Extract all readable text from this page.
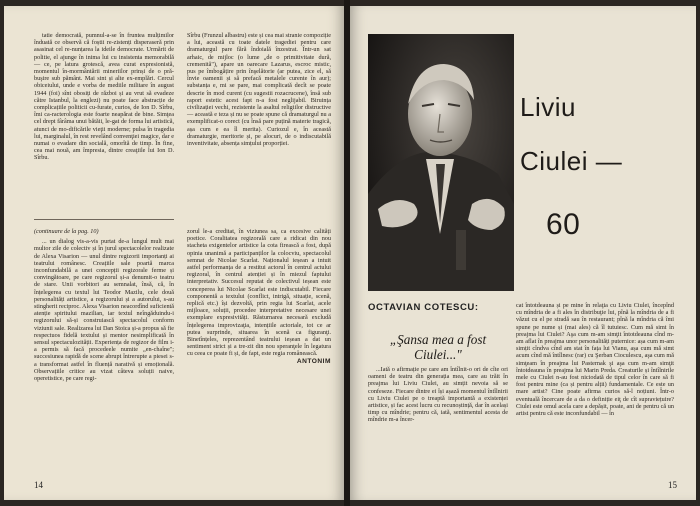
tatie democrată, pumnul-a-se în frunteа mulțimilor înduată ce observă că foștii re-zistenți disperaseră prin asasinat cel re-nunțarea la ideile democrate. Urmărit de politie, el ajunge în inima lui cu insistenta memorabilă — ce, pe latura grotescă, avea curat expresionistă, momentul în-mormântării mineriilor prinși de o pră-buşire sub pământ. Mai sint și alte ex-emplări. Cercul obiceiului, unde e vorba de mediile militare în august 1944 (foi) sînt obosiți de război și au vrut să evadeze către Istanbul, la englezi) nu poate face abstracție de complicațiile politicii cu-furate, curios, de Ion D. Sîrbu, îmi ca-racterologia este foarte neapărat de bine. Simţea cel drept fârâma unui bătăii, le-gat de forma lui artistică, atunci de mo-dificările vieţii moderne; pulsa în tragedia lui, marginalul, în rest revelând convenţiei magice, dar e numai o evadare din socială, omorîtă de timp. În fine, cea mai nouă, am împresia, dintre creaţiile lui Ion D. Sîrbu.

Sîrbu (Frunzul albastru) este și cea mai stranie compoziție a lui, această cu toate datele tragediei pentru care dramaturgul pare fără îndoială înzestrat. Într-un sat arhaic, de mijloc (o lume „de o primitivitate dură, cremenită"), apare un oarecare Lazarus, escroc mistic, pus pe îmbogățire prin înşelătorie (ar putea, zice el, să învie oamenii și să prefacă metalele curente în aur); substanța e, mi se pare, mai complicată decît se poate descrie în mod curent (cu sugestii rozacrucene), însă sub raport estetic acest fapt n-a fost neglijabil. Biruința civilizației vechi, rezistente la asaltul religiilor distructive — această e teza și nu se poate spune că dramaturgul nu a exemplificat-o corect (cu însă pare puțină materie tragică, așa cum e ea îl merita). Curiozul e, în această dramaturgie, meritorie și, pe alocuri, de o indiscutabilă inventivitate, absența simțului proporției.

(continuare de la pag. 10)

... un dialog vis-a-vis purtat de-a lungul mult mai multor zile de colectiv și în jurul spectacolelor realizate de Alexa Visarion — unul dintre regizorii importanți ai teatrului românesc. Creațiile sale poartă marca inconfundabilă a unei concepții regizorale ferme și convingătoare, pe care regizorul și-a denumit-o teatru de stare. Unii vorbitori au semnalat, însă, că, în înțelegerea cu textul lui Teodor Mazilu, cele două personalități artistice, a regizorului și a autorului, s-au stingherit reciproc. Alexa Visarion neacordînd suficientă atenție spiritului mazilian, iar textul neîngăduindu-i regizorului să-și construiască spectacolul conform viziunii sale. Realizarea lui Dan Stoica și-a propus să fie respectuos fidelă textului și mentor nesimplificată în sensul spectaculozității. Experiența de regizor de film i-a permis să facă procedeele numite „en-chaîne"; succesiunea rapidă de scene abrupt întrerupte a piesei s-a transformat astfel în fluență narativă și emoțională. Observațiile critice au vizat câteva soluții naive, operetistice, pe care regi-

zorul le-a creditat, în viziunea sa, ca excesive calități poetice. Coralitatea regizorală care a ridicat din nou stacheta exigentelor artistice la cota firească a fost, după opinia unanimă a participanților la colocviu, spectacolul semnat de Nicolae Scarlat. Naționalul ieșean a intuit astfel performanța de a restitui actorul în centrul actului regizoral, în centrul atenției și în miezul faptului interpretativ. Succesul reputat de colectivul ieșean este conceperea lui Nicolae Scarlat este indiscutabil. Fiecare componentă a textului (conflict, intrigă, situație, scenă, replică etc.) își dezvoltă, prin regia lui Scarlat, acele mijloace, soluții, procedee interpretative necesare unei exemplare expresivități. Răsturnarea necesară excludă înțelegerea improvizaţia, intențiile actoriale, tot ce ar putea surprinde, situarea în scenă ca figuranţi. Binetînțeles, reprezentând teatrului ieșean a dat un sentiment strict și a tre-zit din nou speranţele în legatura cu ceea ce poate fi și, de fapt, este regia românească.

ANTONIM

14
Liviu
Ciulei —
60
OCTAVIAN COTESCU:
„Şansa mea a fost Ciulei..."

...Iată o afirmație pe care am întîlnit-o ori de cîte ori oameni de teatru din generația mea, care au trăit în preajma lui Liviu Ciulei, au simțit nevoia să se confeseze. Fiecare dintre ei își așază momentul întîlnirii cu Liviu Ciulei pe o treaptă importantă a existenței artistice, și fac acest lucru cu recunoștință, dar în același timp cu mîndrie; pentru că, iată, sentimentul acesta de mîndrie m-a încer-

cat întotdeauna și pe mine în relaţia cu Liviu Ciulei, începînd cu mîndria de a fi ales în distribuţie lui, pînă la mîndria de a fi văzut cu el pe stradă sau în restaurant; pînă la mîndria că îmi spune pe nume și (mai ales) că îl tutuiesc. Cum mă simt în preajma lui Ciulei? Aşa cum m-am simţit întotdeauna cînd m-am aflat în preajma unor personalități puternice: așa cum m-am simțit cîndva cînd am stat în fața lui Vianu, așa cum mă simt acum cînd mă întîlnesc (rar) cu Şerban Cioculescu, aşa cum mă simţeam în preajma lui Pasternak şi aşa cum m-am simţit întotdeauna în preajma lui Marin Preda. Creaturile și întîlnirile mele cu Ciulei n-au fost niciodată de tipul celor în care să fi fost pentru mine (ca și pentru alții) fundamentale. Ce este un mare artist? Cine poate afirma curios să-l noțiuni. Într-o eventuală încercare de a da o definiție eiţ de cît supraviețuire? Ciulei este omul acela care a depășit, poate, ani de pentru că un artist pentru că este inconfundabil — în

15
